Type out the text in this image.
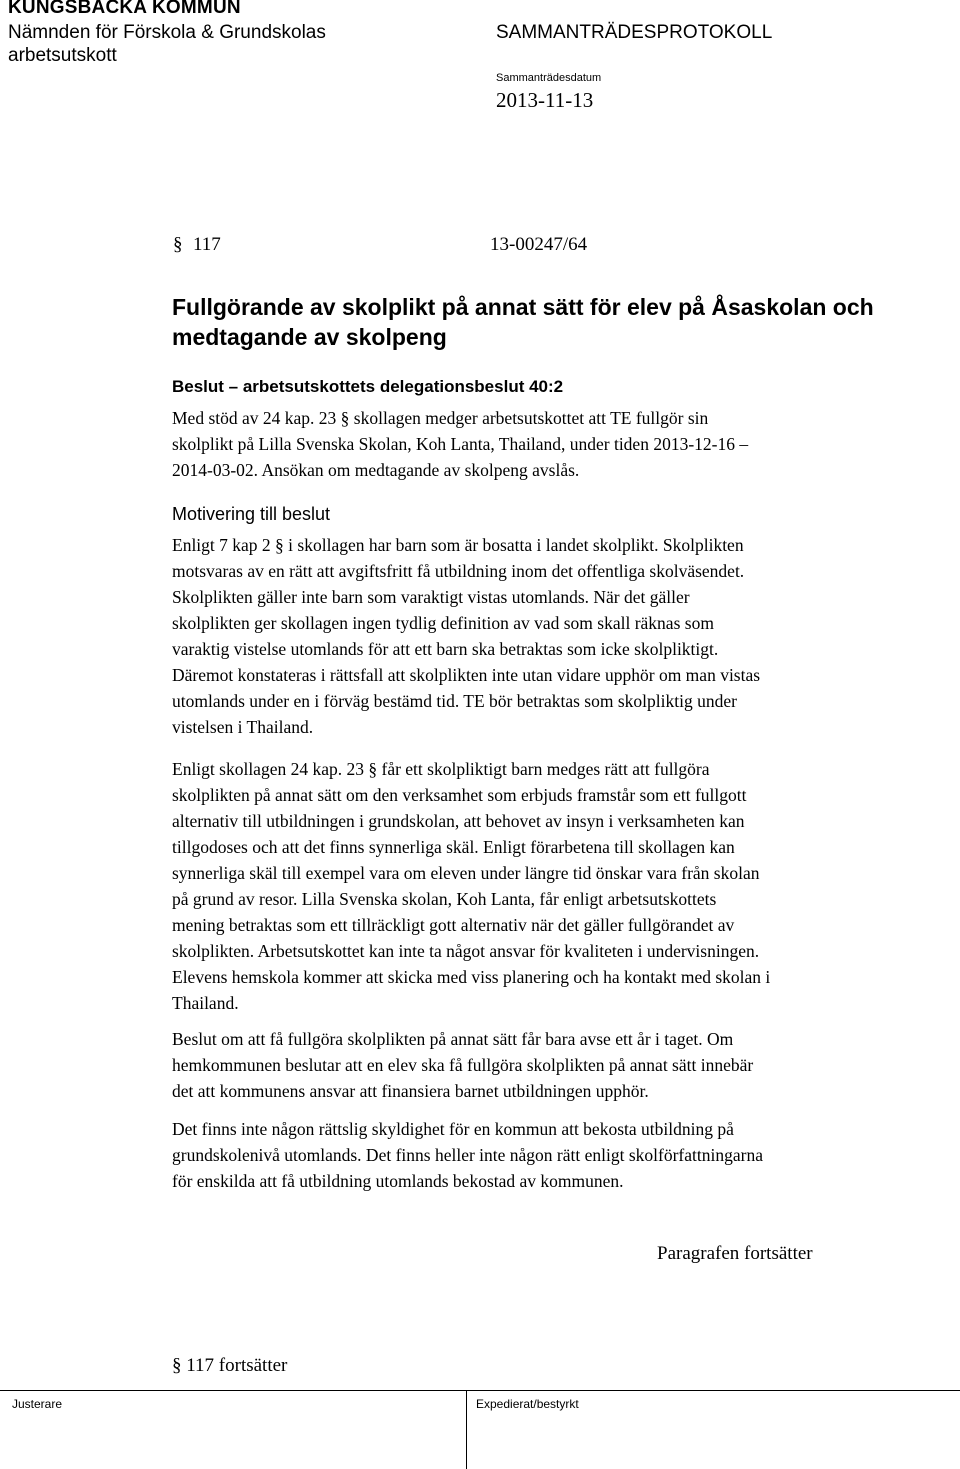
KUNGSBACKA KOMMUN
Nämnden för Förskola & Grundskolas
arbetsutskott
SAMMANTRÄDESPROTOKOLL
Sammanträdesdatum
2013-11-13
§ 117	13-00247/64
Fullgörande av skolplikt på annat sätt för elev på Åsaskolan och medtagande av skolpeng
Beslut – arbetsutskottets delegationsbeslut 40:2
Med stöd av 24 kap. 23 § skollagen medger arbetsutskottet att TE fullgör sin
skolplikt på Lilla Svenska Skolan, Koh Lanta, Thailand, under tiden 2013-12-16 –
2014-03-02. Ansökan om medtagande av skolpeng avslås.
Motivering till beslut

Enligt 7 kap 2 § i skollagen har barn som är bosatta i landet skolplikt. Skolplikten

motsvaras av en rätt att avgiftsfritt få utbildning inom det offentliga skolväsendet.

Skolplikten gäller inte barn som varaktigt vistas utomlands. När det gäller

skolplikten ger skollagen ingen tydlig definition av vad som skall räknas som

varaktig vistelse utomlands för att ett barn ska betraktas som icke skolpliktigt.

Däremot konstateras i rättsfall att skolplikten inte utan vidare upphör om man vistas

utomlands under en i förväg bestämd tid. TE bör betraktas som skolpliktig under

vistelsen i Thailand.

Enligt skollagen 24 kap. 23 § får ett skolpliktigt barn medges rätt att fullgöra

skolplikten på annat sätt om den verksamhet som erbjuds framstår som ett fullgott

alternativ till utbildningen i grundskolan, att behovet av insyn i verksamheten kan

tillgodoses och att det finns synnerliga skäl. Enligt förarbetena till skollagen kan

synnerliga skäl till exempel vara om eleven under längre tid önskar vara från skolan

på grund av resor. Lilla Svenska skolan, Koh Lanta, får enligt arbetsutskottets

mening betraktas som ett tillräckligt gott alternativ när det gäller fullgörandet av

skolplikten. Arbetsutskottet kan inte ta något ansvar för kvaliteten i undervisningen.

Elevens hemskola kommer att skicka med viss planering och ha kontakt med skolan i

Thailand.

Beslut om att få fullgöra skolplikten på annat sätt får bara avse ett år i taget. Om

hemkommunen beslutar att en elev ska få fullgöra skolplikten på annat sätt innebär

det att kommunens ansvar att finansiera barnet utbildningen upphör.

Det finns inte någon rättslig skyldighet för en kommun att bekosta utbildning på

grundskolenivå utomlands. Det finns heller inte någon rätt enligt skolförfattningarna

för enskilda att få utbildning utomlands bekostad av kommunen.

Paragrafen fortsätter
§ 117 fortsätter
Justerare	Expedierat/bestyrkt
